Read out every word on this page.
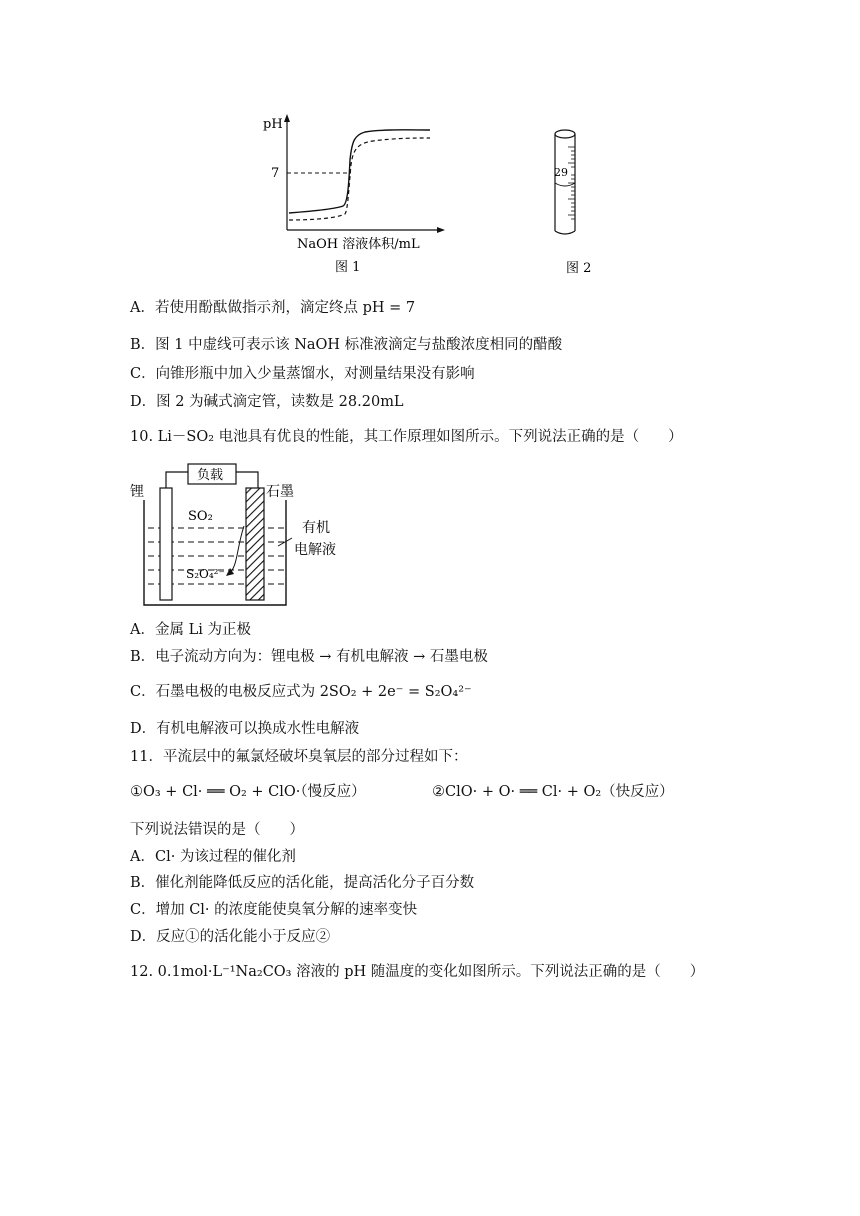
pH
7
NaOH 溶液体积/mL
图 1
29
图 2
A．若使用酚酞做指示剂，滴定终点 pH = 7
B．图 1 中虚线可表示该 NaOH 标准液滴定与盐酸浓度相同的醋酸
C．向锥形瓶中加入少量蒸馏水，对测量结果没有影响
D．图 2 为碱式滴定管，读数是 28.20mL
10. Li－SO₂ 电池具有优良的性能，其工作原理如图所示。下列说法正确的是（　　）
负载
锂	石墨
SO₂
S₂O₄²⁻
有机
电解液
A．金属 Li 为正极
B．电子流动方向为：锂电极 → 有机电解液 → 石墨电极
C．石墨电极的电极反应式为 2SO₂ + 2e⁻ = S₂O₄²⁻
D．有机电解液可以换成水性电解液
11．平流层中的氟氯烃破坏臭氧层的部分过程如下：
①O₃ + Cl· ══ O₂ + ClO·（慢反应）	②ClO· + O· ══ Cl· + O₂（快反应）
下列说法错误的是（　　）
A．Cl· 为该过程的催化剂
B．催化剂能降低反应的活化能，提高活化分子百分数
C．增加 Cl· 的浓度能使臭氧分解的速率变快
D．反应①的活化能小于反应②
12. 0.1mol·L⁻¹Na₂CO₃ 溶液的 pH 随温度的变化如图所示。下列说法正确的是（　　）
